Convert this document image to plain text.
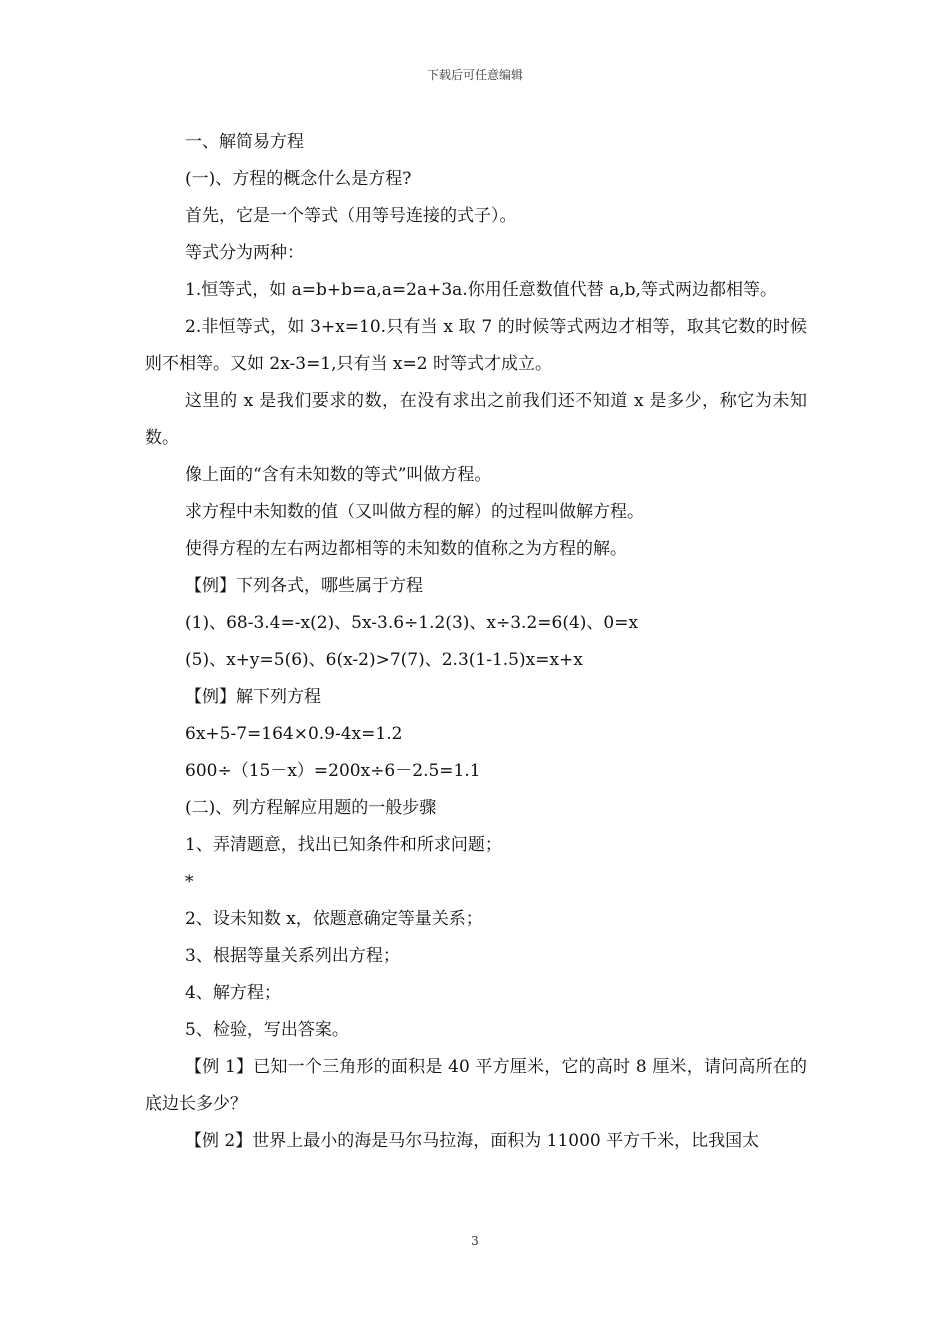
下载后可任意编辑

一、解简易方程

(一)、方程的概念什么是方程?

首先，它是一个等式（用等号连接的式子）。

等式分为两种：

1.恒等式，如 a=b+b=a,a=2a+3a.你用任意数值代替 a,b,等式两边都相等。

2.非恒等式，如 3+x=10.只有当 x 取 7 的时候等式两边才相等，取其它数的时候则不相等。又如 2x-3=1,只有当 x=2 时等式才成立。

这里的 x 是我们要求的数，在没有求出之前我们还不知道 x 是多少，称它为未知数。

像上面的“含有未知数的等式”叫做方程。

求方程中未知数的值（又叫做方程的解）的过程叫做解方程。

使得方程的左右两边都相等的未知数的值称之为方程的解。

【例】下列各式，哪些属于方程

(1)、68-3.4=-x(2)、5x-3.6÷1.2(3)、x÷3.2=6(4)、0=x

(5)、x+y=5(6)、6(x-2)>7(7)、2.3(1-1.5)x=x+x

【例】解下列方程

6x+5-7=164×0.9-4x=1.2

600÷（15－x）=200x÷6－2.5=1.1

(二)、列方程解应用题的一般步骤

1、弄清题意，找出已知条件和所求问题；

*

2、设未知数 x，依题意确定等量关系；

3、根据等量关系列出方程；

4、解方程；

5、检验，写出答案。

【例 1】已知一个三角形的面积是 40 平方厘米，它的高时 8 厘米，请问高所在的底边长多少？

【例 2】世界上最小的海是马尔马拉海，面积为 11000 平方千米，比我国太

3
